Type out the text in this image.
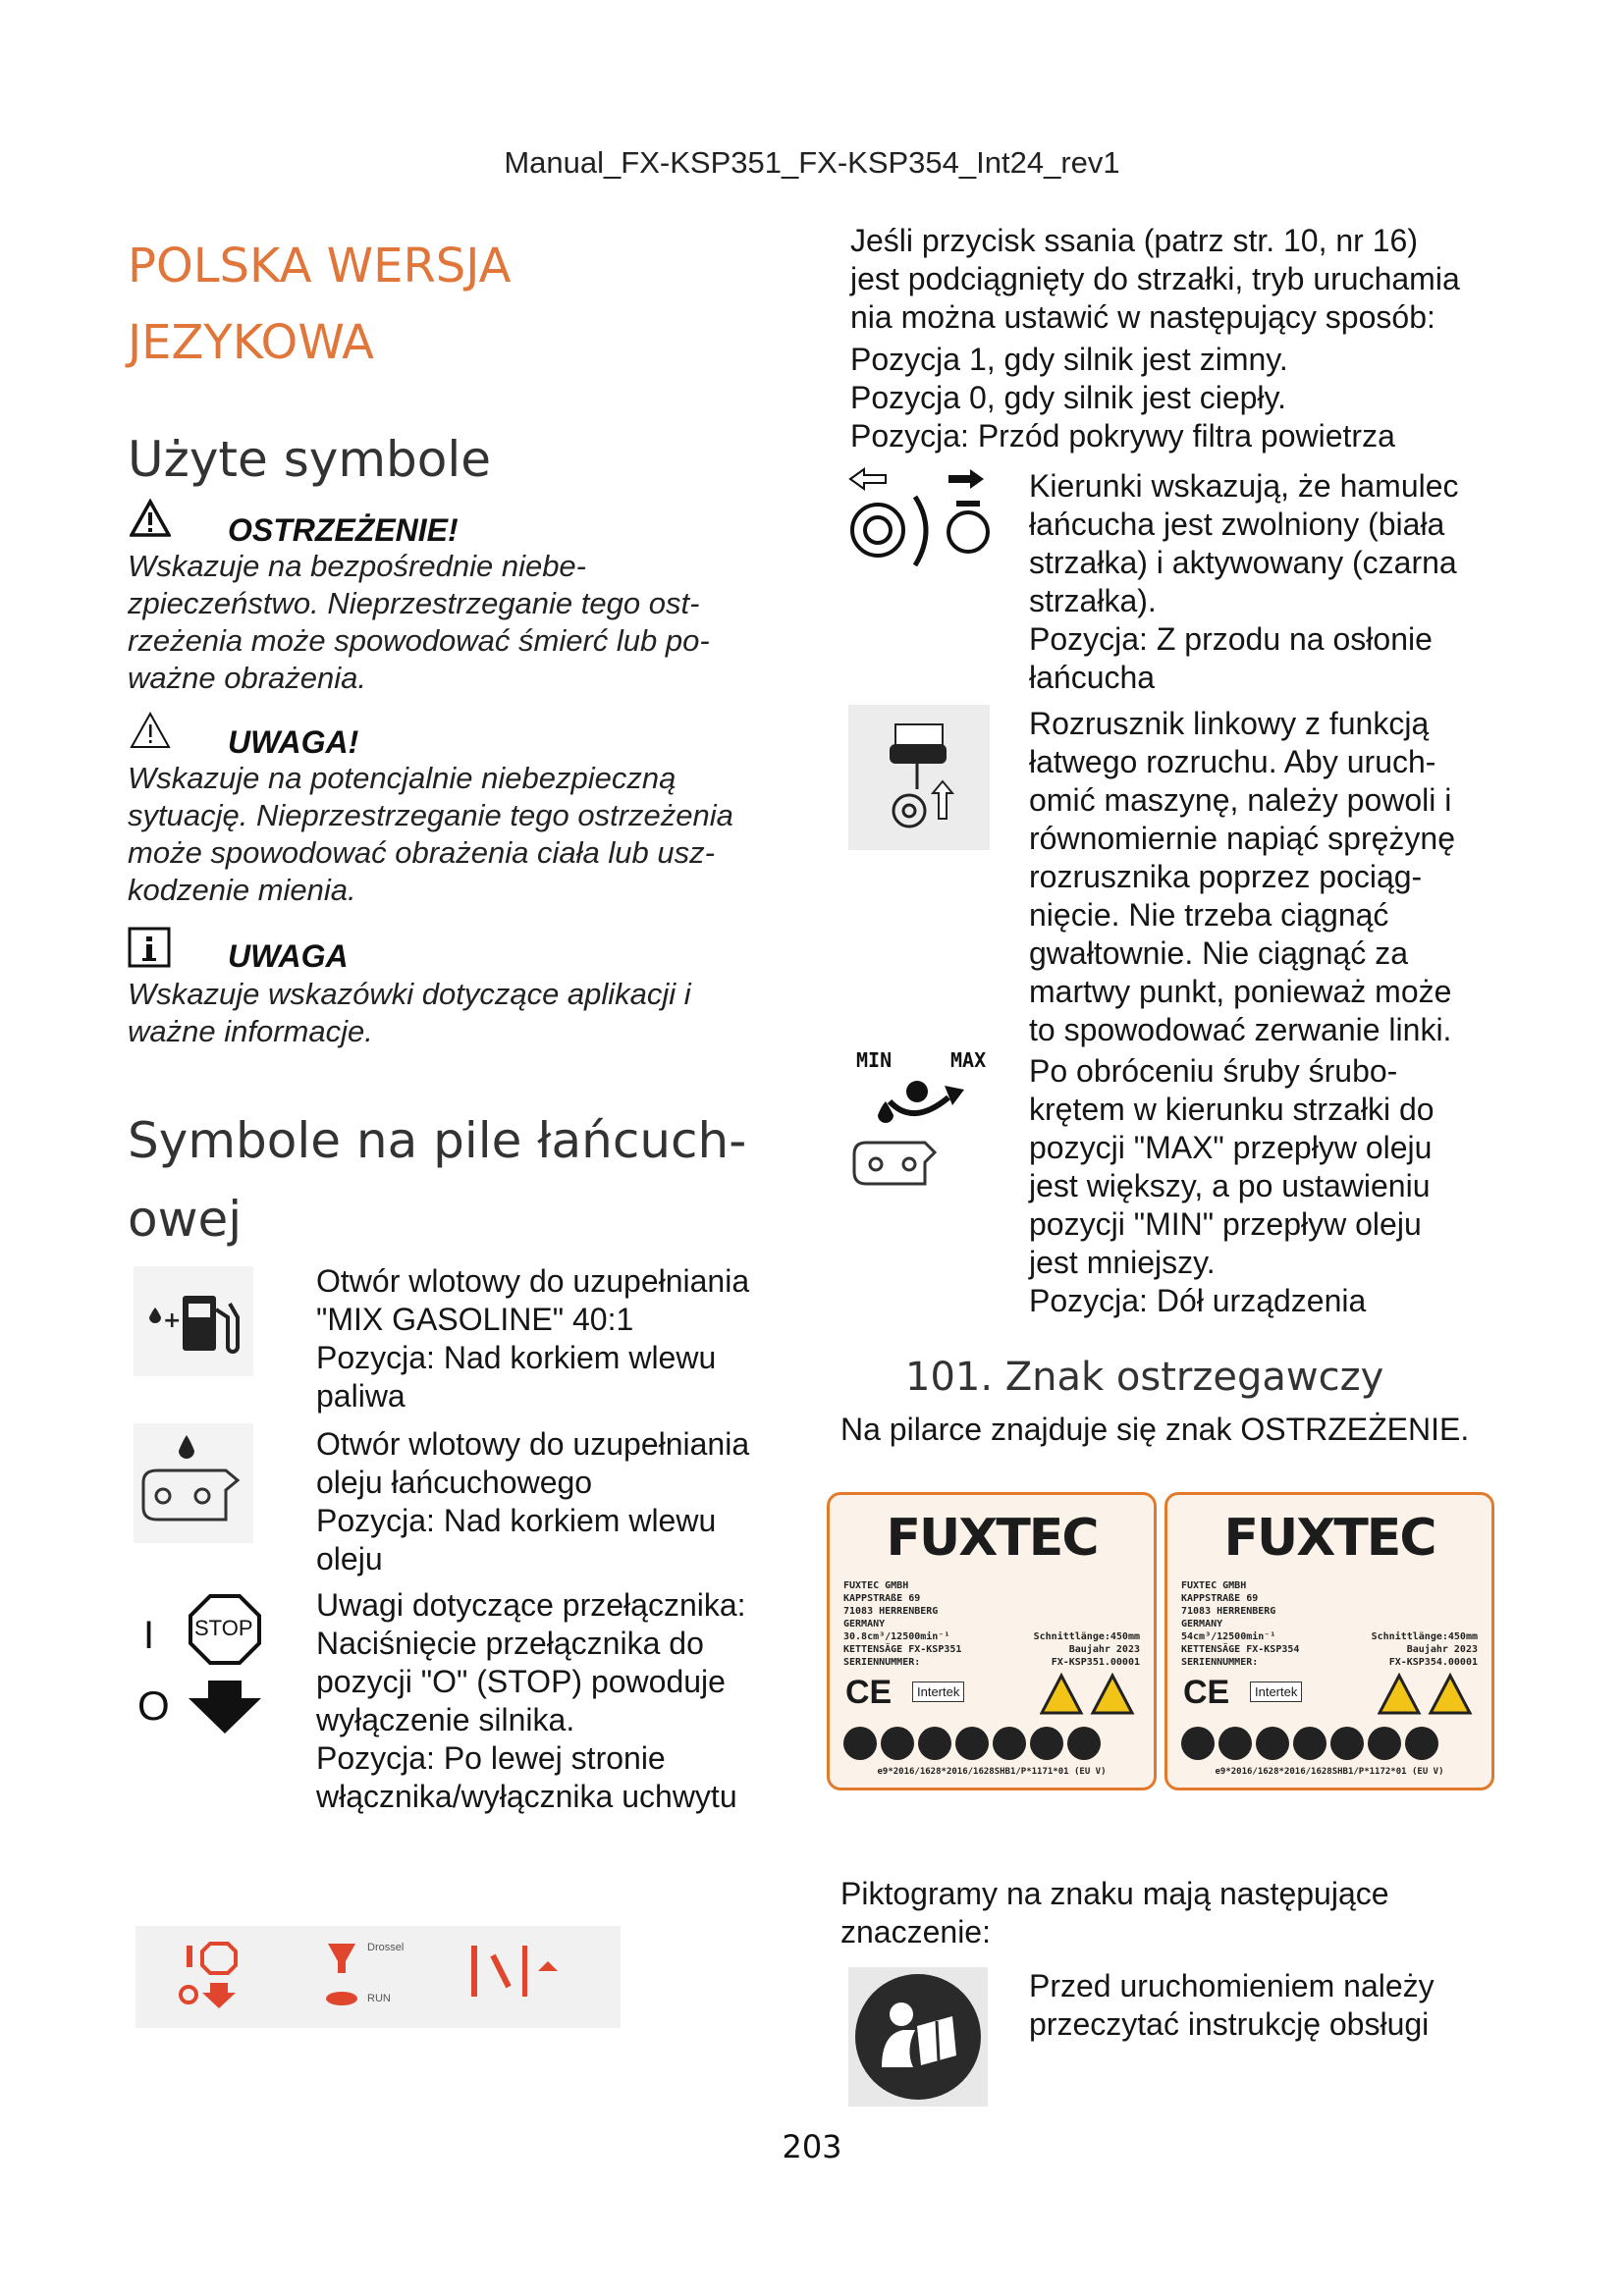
Manual_FX-KSP351_FX-KSP354_Int24_rev1
POLSKA WERSJA
JEZYKOWA
Użyte symbole
OSTRZEŻENIE!
Wskazuje na bezpośrednie niebe-
zpieczeństwo. Nieprzestrzeganie tego ost-
rzeżenia może spowodować śmierć lub po-
ważne obrażenia.
UWAGA!
Wskazuje na potencjalnie niebezpieczną
sytuację. Nieprzestrzeganie tego ostrzeżenia
może spowodować obrażenia ciała lub usz-
kodzenie mienia.
UWAGA
Wskazuje wskazówki dotyczące aplikacji i
ważne informacje.
Symbole na pile łańcuch-
owej
+
Otwór wlotowy do uzupełniania
"MIX GASOLINE" 40:1
Pozycja: Nad korkiem wlewu
paliwa
Otwór wlotowy do uzupełniania
oleju łańcuchowego
Pozycja: Nad korkiem wlewu
oleju
I
O
STOP
Uwagi dotyczące przełącznika:
Naciśnięcie przełącznika do
pozycji "O" (STOP) powoduje
wyłączenie silnika.
Pozycja: Po lewej stronie
włącznika/wyłącznika uchwytu
Drossel
RUN
Jeśli przycisk ssania (patrz str. 10, nr 16)
jest podciągnięty do strzałki, tryb uruchamia
nia można ustawić w następujący sposób:
Pozycja 1, gdy silnik jest zimny.
Pozycja 0, gdy silnik jest ciepły.
Pozycja: Przód pokrywy filtra powietrza
Kierunki wskazują, że hamulec
łańcucha jest zwolniony (biała
strzałka) i aktywowany (czarna
strzałka).
Pozycja: Z przodu na osłonie
łańcucha
Rozrusznik linkowy z funkcją
łatwego rozruchu. Aby uruch-
omić maszynę, należy powoli i
równomiernie napiąć sprężynę
rozrusznika poprzez pociąg-
nięcie. Nie trzeba ciągnąć
gwałtownie. Nie ciągnąć za
martwy punkt, ponieważ może
to spowodować zerwanie linki.
MIN	MAX Po obróceniu śruby śrubo-
krętem w kierunku strzałki do
pozycji "MAX" przepływ oleju
jest większy, a po ustawieniu
pozycji "MIN" przepływ oleju
jest mniejszy.
Pozycja: Dół urządzenia
101. Znak ostrzegawczy
Na pilarce znajduje się znak OSTRZEŻENIE.
FUXTEC
FUXTEC GMBH
KAPPSTRAßE 69
71083 HERRENBERG
GERMANY
30.8cm³/12500min⁻¹
KETTENSÄGE FX-KSP351
SERIENNUMMER:
Schnittlänge:450mm
Baujahr 2023
FX-KSP351.00001
CE	Intertek
e9*2016/1628*2016/1628SHB1/P*1171*01 (EU V)
FUXTEC
FUXTEC GMBH
KAPPSTRAßE 69
71083 HERRENBERG
GERMANY
54cm³/12500min⁻¹
KETTENSÄGE FX-KSP354
SERIENNUMMER:
Schnittlänge:450mm
Baujahr 2023
FX-KSP354.00001
CE	Intertek
e9*2016/1628*2016/1628SHB1/P*1172*01 (EU V)
Piktogramy na znaku mają następujące
znaczenie:
Przed uruchomieniem należy
przeczytać instrukcję obsługi
203
